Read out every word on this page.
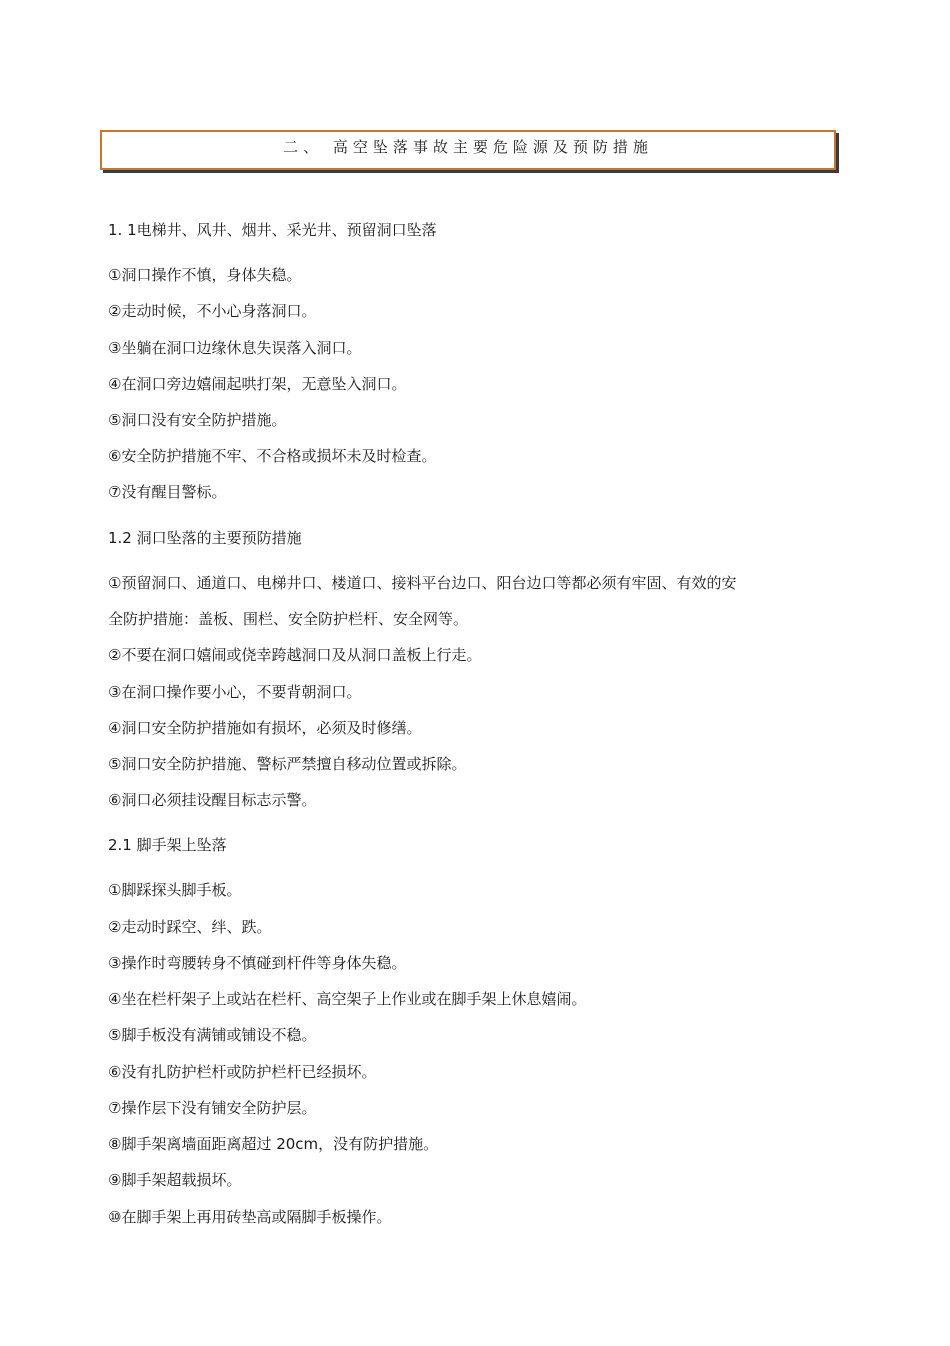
二、 高空坠落事故主要危险源及预防措施
1. 1电梯井、风井、烟井、采光井、预留洞口坠落
①洞口操作不慎，身体失稳。
②走动时候，不小心身落洞口。
③坐躺在洞口边缘休息失误落入洞口。
④在洞口旁边嬉闹起哄打架，无意坠入洞口。
⑤洞口没有安全防护措施。
⑥安全防护措施不牢、不合格或损坏未及时检查。
⑦没有醒目警标。
1.2 洞口坠落的主要预防措施
①预留洞口、通道口、电梯井口、楼道口、接料平台边口、阳台边口等都必须有牢固、有效的安
全防护措施：盖板、围栏、安全防护栏杆、安全网等。
②不要在洞口嬉闹或侥幸跨越洞口及从洞口盖板上行走。
③在洞口操作要小心，不要背朝洞口。
④洞口安全防护措施如有损坏，必须及时修缮。
⑤洞口安全防护措施、警标严禁擅自移动位置或拆除。
⑥洞口必须挂设醒目标志示警。
2.1 脚手架上坠落
①脚踩探头脚手板。
②走动时踩空、绊、跌。
③操作时弯腰转身不慎碰到杆件等身体失稳。
④坐在栏杆架子上或站在栏杆、高空架子上作业或在脚手架上休息嬉闹。
⑤脚手板没有满铺或铺设不稳。
⑥没有扎防护栏杆或防护栏杆已经损坏。
⑦操作层下没有铺安全防护层。
⑧脚手架离墙面距离超过 20cm，没有防护措施。
⑨脚手架超载损坏。
⑩在脚手架上再用砖垫高或隔脚手板操作。
